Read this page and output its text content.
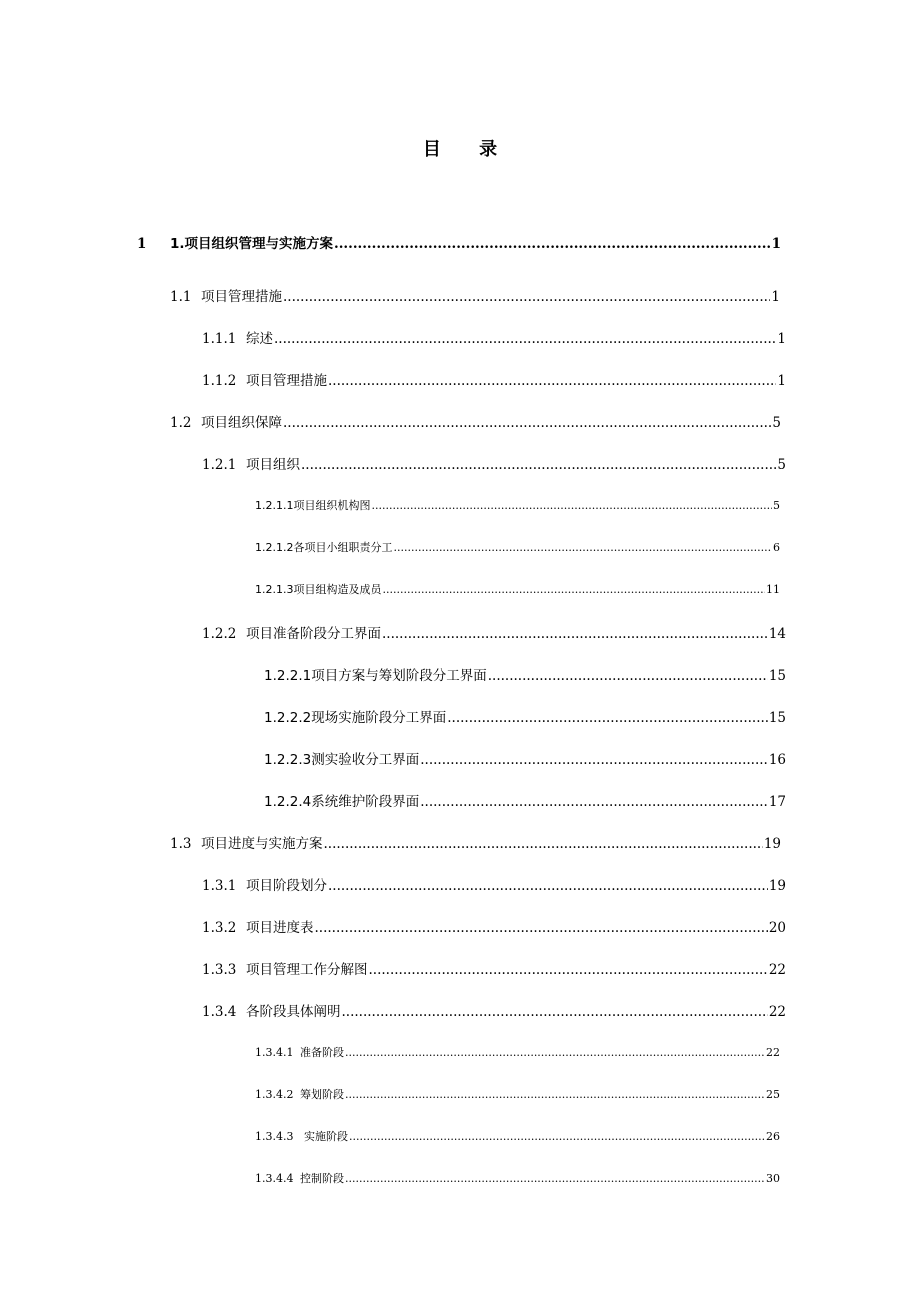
目 录
1	1.项目组织管理与实施方案 .....	1
1.1 项目管理措施 .....	1
1.1.1 综述 .....	1
1.1.2 项目管理措施 .....	1
1.2 项目组织保障 .....	5
1.2.1 项目组织 .....	5
1.2.1.1项目组织机构图 .....	5
1.2.1.2各项目小组职责分工 .....	6
1.2.1.3项目组构造及成员 .....	11
1.2.2 项目准备阶段分工界面 .....	14
1.2.2.1项目方案与筹划阶段分工界面 .....	15
1.2.2.2现场实施阶段分工界面 .....	15
1.2.2.3测实验收分工界面 .....	16
1.2.2.4系统维护阶段界面 .....	17
1.3 项目进度与实施方案 .....	19
1.3.1 项目阶段划分 .....	19
1.3.2 项目进度表 .....	20
1.3.3 项目管理工作分解图 .....	22
1.3.4 各阶段具体阐明 .....	22
1.3.4.1 准备阶段 .....	22
1.3.4.2 筹划阶段 .....	25
1.3.4.3 实施阶段 .....	26
1.3.4.4 控制阶段 .....	30
